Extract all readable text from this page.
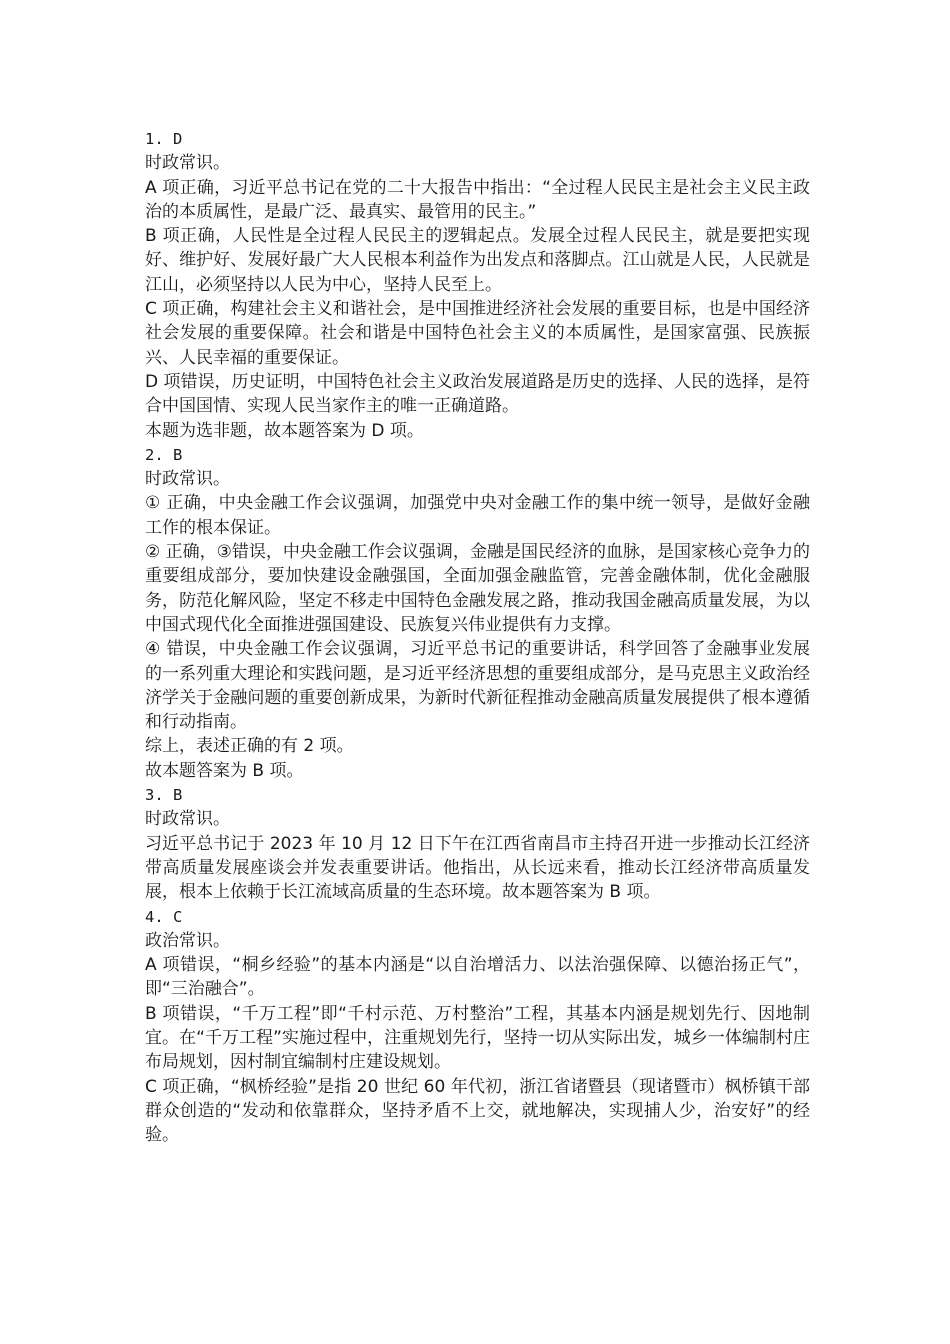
1. D
时政常识。
A 项正确，习近平总书记在党的二十大报告中指出：“全过程人民民主是社会主义民主政治的本质属性，是最广泛、最真实、最管用的民主。”
B 项正确，人民性是全过程人民民主的逻辑起点。发展全过程人民民主，就是要把实现好、维护好、发展好最广大人民根本利益作为出发点和落脚点。江山就是人民，人民就是江山，必须坚持以人民为中心，坚持人民至上。
C 项正确，构建社会主义和谐社会，是中国推进经济社会发展的重要目标，也是中国经济社会发展的重要保障。社会和谐是中国特色社会主义的本质属性，是国家富强、民族振兴、人民幸福的重要保证。
D 项错误，历史证明，中国特色社会主义政治发展道路是历史的选择、人民的选择，是符合中国国情、实现人民当家作主的唯一正确道路。
本题为选非题，故本题答案为 D 项。
2. B
时政常识。
① 正确，中央金融工作会议强调，加强党中央对金融工作的集中统一领导，是做好金融工作的根本保证。
② 正确，③错误，中央金融工作会议强调，金融是国民经济的血脉，是国家核心竞争力的重要组成部分，要加快建设金融强国，全面加强金融监管，完善金融体制，优化金融服务，防范化解风险，坚定不移走中国特色金融发展之路，推动我国金融高质量发展，为以中国式现代化全面推进强国建设、民族复兴伟业提供有力支撑。
④ 错误，中央金融工作会议强调，习近平总书记的重要讲话，科学回答了金融事业发展的一系列重大理论和实践问题，是习近平经济思想的重要组成部分，是马克思主义政治经济学关于金融问题的重要创新成果，为新时代新征程推动金融高质量发展提供了根本遵循和行动指南。
综上，表述正确的有 2 项。
故本题答案为 B 项。
3. B
时政常识。
习近平总书记于 2023 年 10 月 12 日下午在江西省南昌市主持召开进一步推动长江经济带高质量发展座谈会并发表重要讲话。他指出，从长远来看，推动长江经济带高质量发展，根本上依赖于长江流域高质量的生态环境。故本题答案为 B 项。
4. C
政治常识。
A 项错误，“桐乡经验”的基本内涵是“以自治增活力、以法治强保障、以德治扬正气”，即“三治融合”。
B 项错误，“千万工程”即“千村示范、万村整治”工程，其基本内涵是规划先行、因地制宜。在“千万工程”实施过程中，注重规划先行，坚持一切从实际出发，城乡一体编制村庄布局规划，因村制宜编制村庄建设规划。
C 项正确，“枫桥经验”是指 20 世纪 60 年代初，浙江省诸暨县（现诸暨市）枫桥镇干部群众创造的“发动和依靠群众，坚持矛盾不上交，就地解决，实现捕人少，治安好”的经验。
